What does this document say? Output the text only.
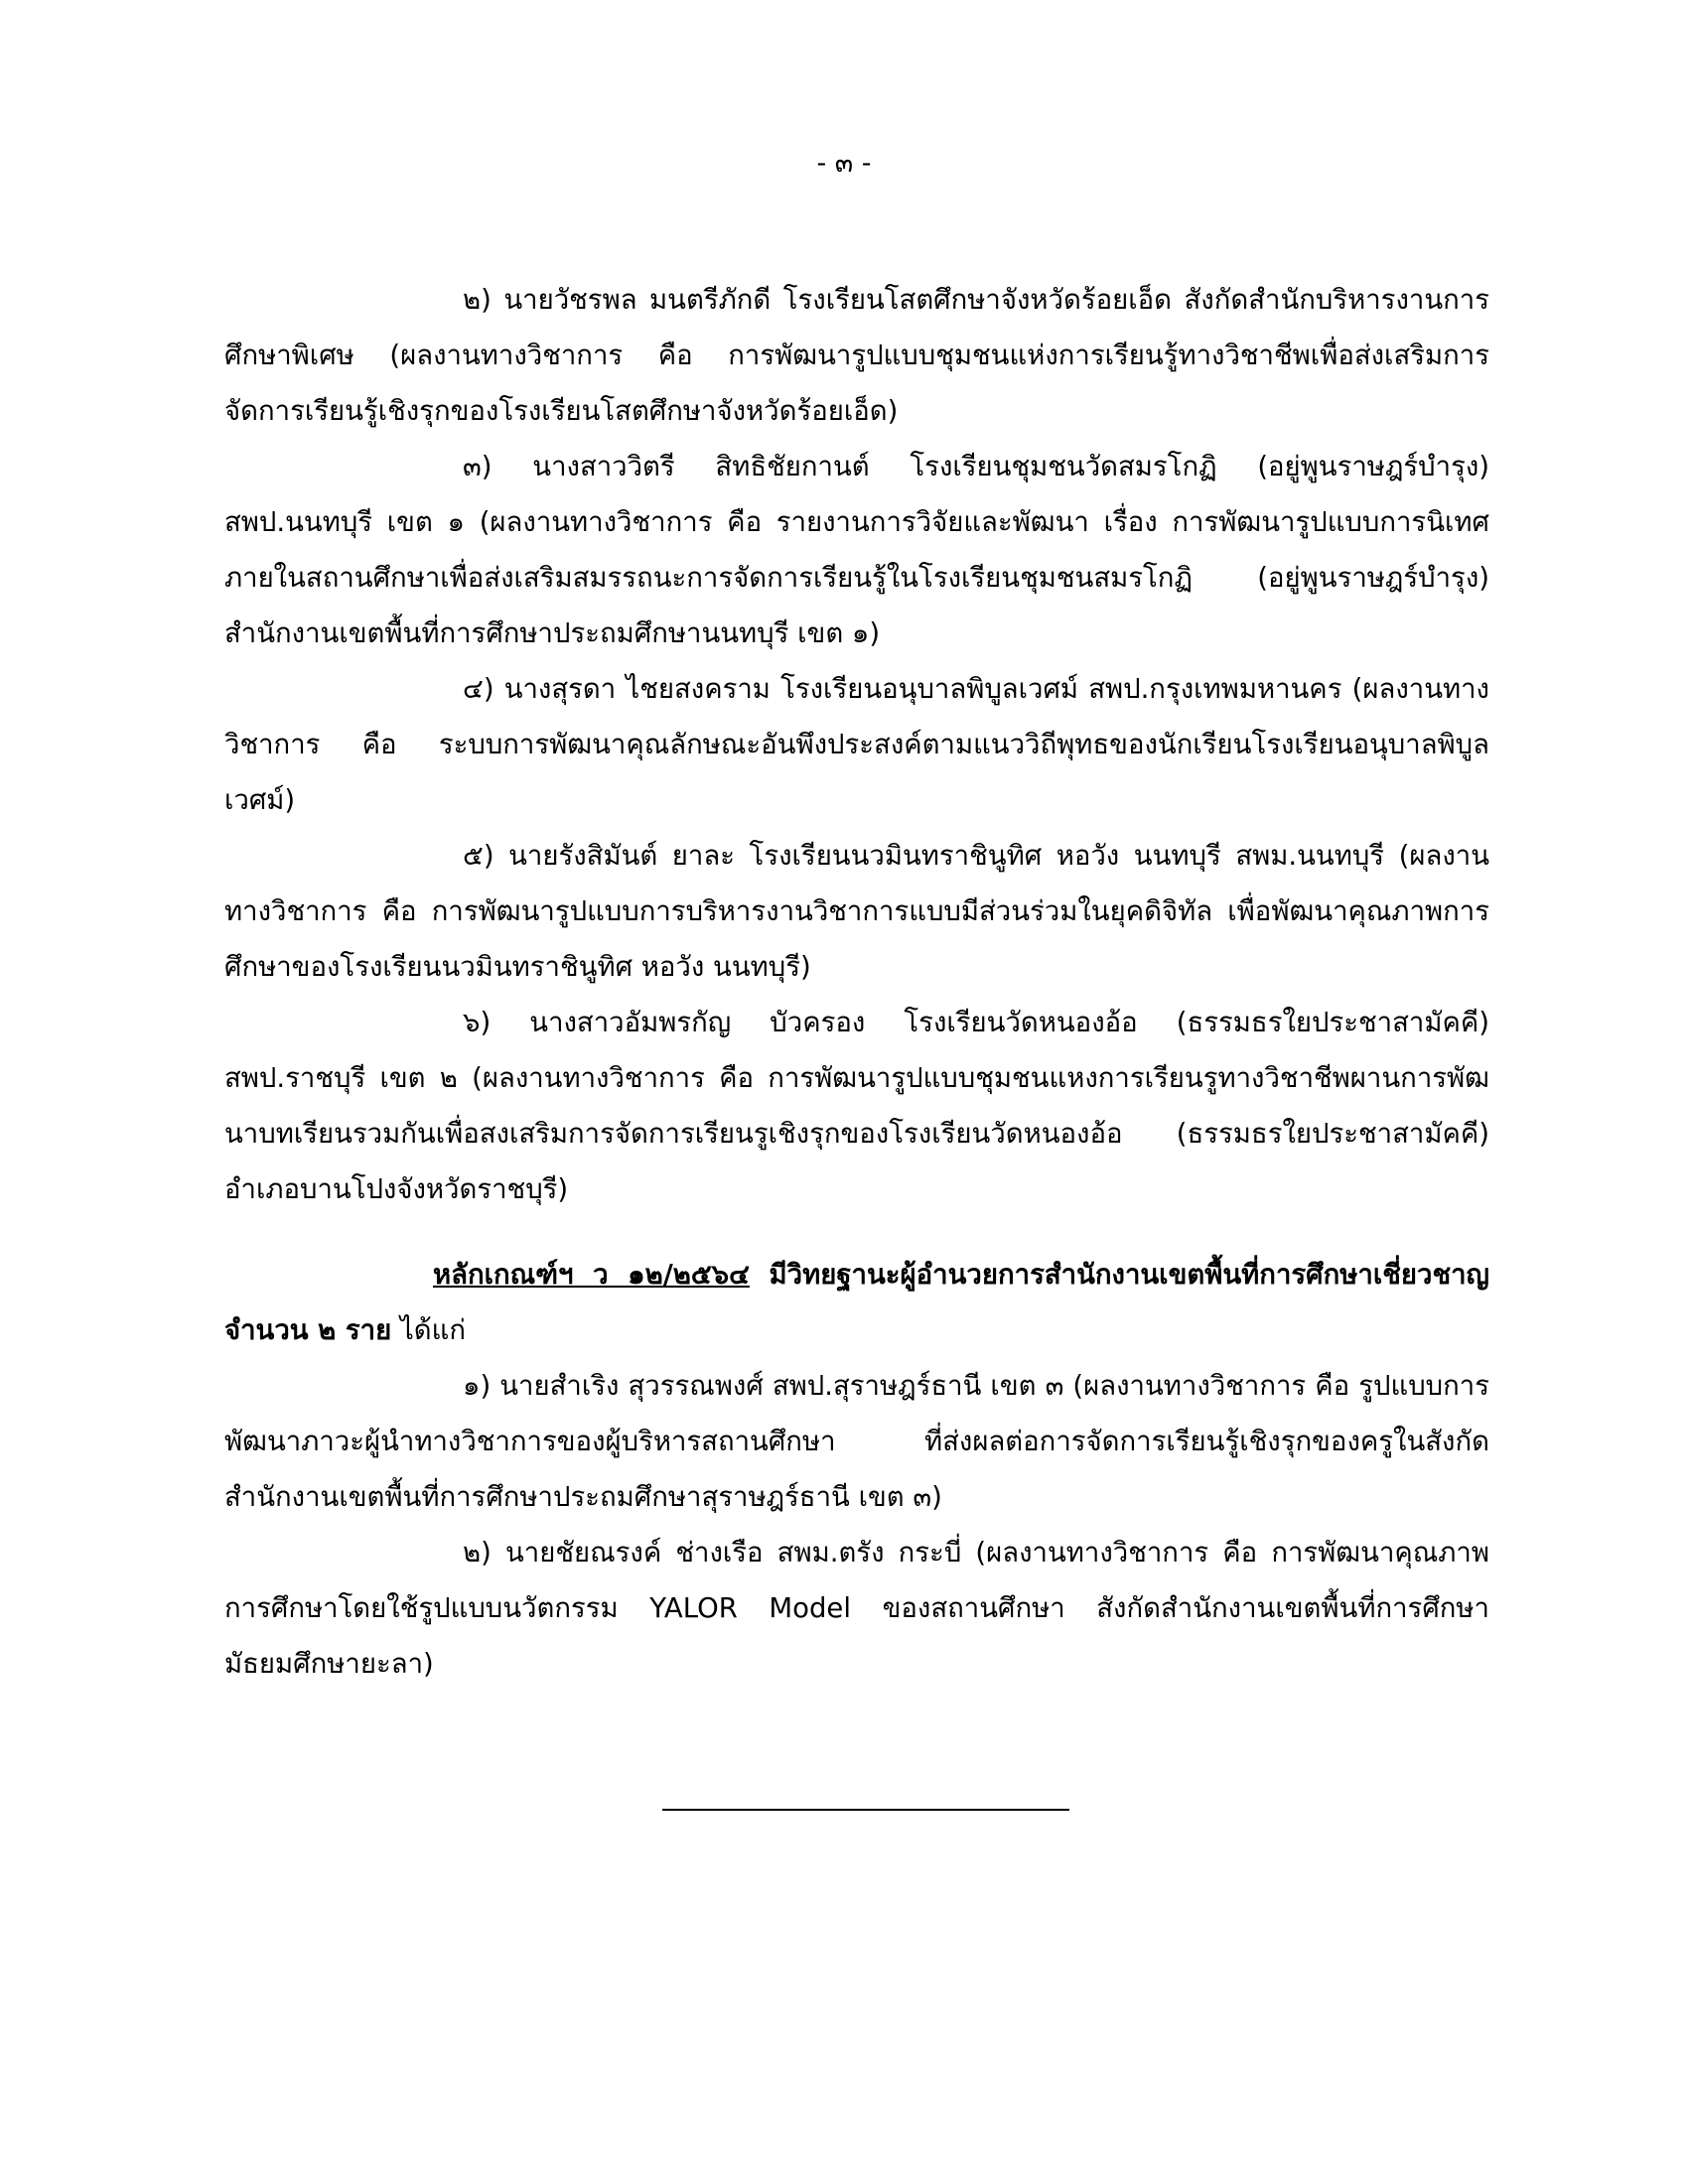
- ๓ -

๒) นายวัชรพล มนตรีภักดี โรงเรียนโสตศึกษาจังหวัดร้อยเอ็ด สังกัดสำนักบริหารงานการศึกษาพิเศษ (ผลงานทางวิชาการ คือ การพัฒนารูปแบบชุมชนแห่งการเรียนรู้ทางวิชาชีพเพื่อส่งเสริมการจัดการเรียนรู้เชิงรุกของโรงเรียนโสตศึกษาจังหวัดร้อยเอ็ด)

๓) นางสาววิตรี สิทธิชัยกานต์ โรงเรียนชุมชนวัดสมรโกฏิ (อยู่พูนราษฎร์บำรุง) สพป.นนทบุรี เขต ๑ (ผลงานทางวิชาการ คือ รายงานการวิจัยและพัฒนา เรื่อง การพัฒนารูปแบบการนิเทศภายในสถานศึกษาเพื่อส่งเสริมสมรรถนะการจัดการเรียนรู้ในโรงเรียนชุมชนสมรโกฏิ (อยู่พูนราษฎร์บำรุง) สำนักงานเขตพื้นที่การศึกษาประถมศึกษานนทบุรี เขต ๑)

๔) นางสุรดา ไชยสงคราม โรงเรียนอนุบาลพิบูลเวศม์ สพป.กรุงเทพมหานคร (ผลงานทางวิชาการ คือ ระบบการพัฒนาคุณลักษณะอันพึงประสงค์ตามแนววิถีพุทธของนักเรียนโรงเรียนอนุบาลพิบูลเวศม์)

๕) นายรังสิมันต์ ยาละ โรงเรียนนวมินทราชินูทิศ หอวัง นนทบุรี สพม.นนทบุรี (ผลงานทางวิชาการ คือ การพัฒนารูปแบบการบริหารงานวิชาการแบบมีส่วนร่วมในยุคดิจิทัล เพื่อพัฒนาคุณภาพการศึกษาของโรงเรียนนวมินทราชินูทิศ หอวัง นนทบุรี)

๖) นางสาวอัมพรกัญ บัวครอง โรงเรียนวัดหนองอ้อ (ธรรมธรใยประชาสามัคคี) สพป.ราชบุรี เขต ๒ (ผลงานทางวิชาการ คือ การพัฒนารูปแบบชุมชนแหงการเรียนรูทางวิชาชีพผานการพัฒนาบทเรียนรวมกันเพื่อสงเสริมการจัดการเรียนรูเชิงรุกของโรงเรียนวัดหนองอ้อ (ธรรมธรใยประชาสามัคคี) อำเภอบานโปงจังหวัดราชบุรี)

หลักเกณฑ์ฯ ว ๑๒/๒๕๖๔ มีวิทยฐานะผู้อำนวยการสำนักงานเขตพื้นที่การศึกษาเชี่ยวชาญ จำนวน ๒ ราย ได้แก่

๑) นายสำเริง สุวรรณพงศ์ สพป.สุราษฎร์ธานี เขต ๓ (ผลงานทางวิชาการ คือ รูปแบบการพัฒนาภาวะผู้นำทางวิชาการของผู้บริหารสถานศึกษา ที่ส่งผลต่อการจัดการเรียนรู้เชิงรุกของครูในสังกัดสำนักงานเขตพื้นที่การศึกษาประถมศึกษาสุราษฎร์ธานี เขต ๓)

๒) นายชัยณรงค์ ช่างเรือ สพม.ตรัง กระบี่ (ผลงานทางวิชาการ คือ การพัฒนาคุณภาพการศึกษาโดยใช้รูปแบบนวัตกรรม YALOR Model ของสถานศึกษา สังกัดสำนักงานเขตพื้นที่การศึกษามัธยมศึกษายะลา)
